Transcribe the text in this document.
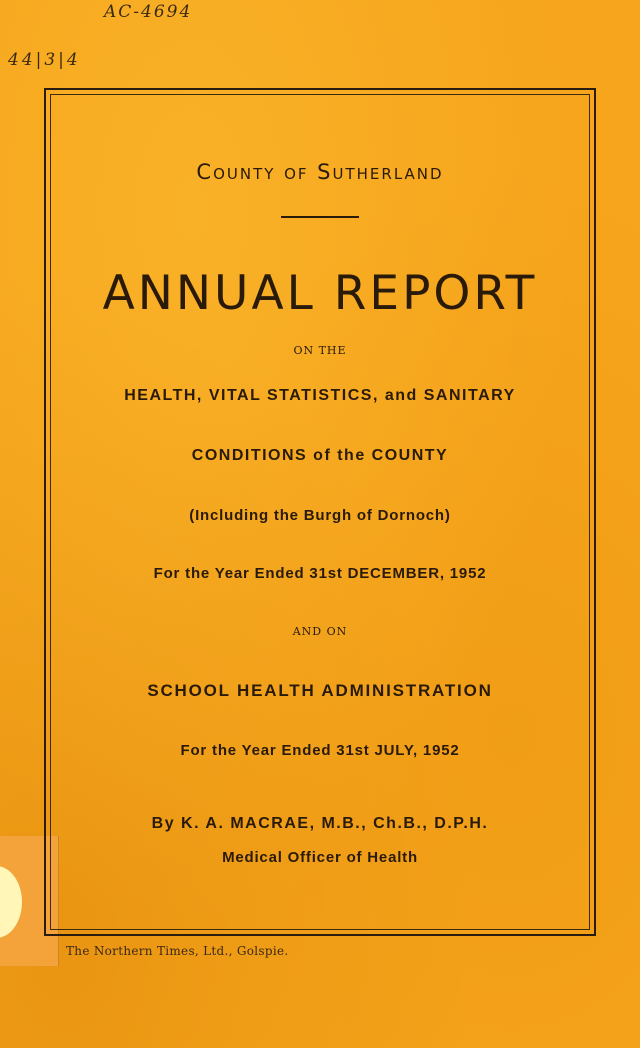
AC-4694
44|3|4
County of Sutherland
ANNUAL REPORT
ON THE
HEALTH, VITAL STATISTICS, and SANITARY
CONDITIONS of the COUNTY
(Including the Burgh of Dornoch)
For the Year Ended 31st DECEMBER, 1952
AND ON
SCHOOL HEALTH ADMINISTRATION
For the Year Ended 31st JULY, 1952
By K. A. MACRAE, M.B., Ch.B., D.P.H.
Medical Officer of Health
The Northern Times, Ltd., Golspie.
